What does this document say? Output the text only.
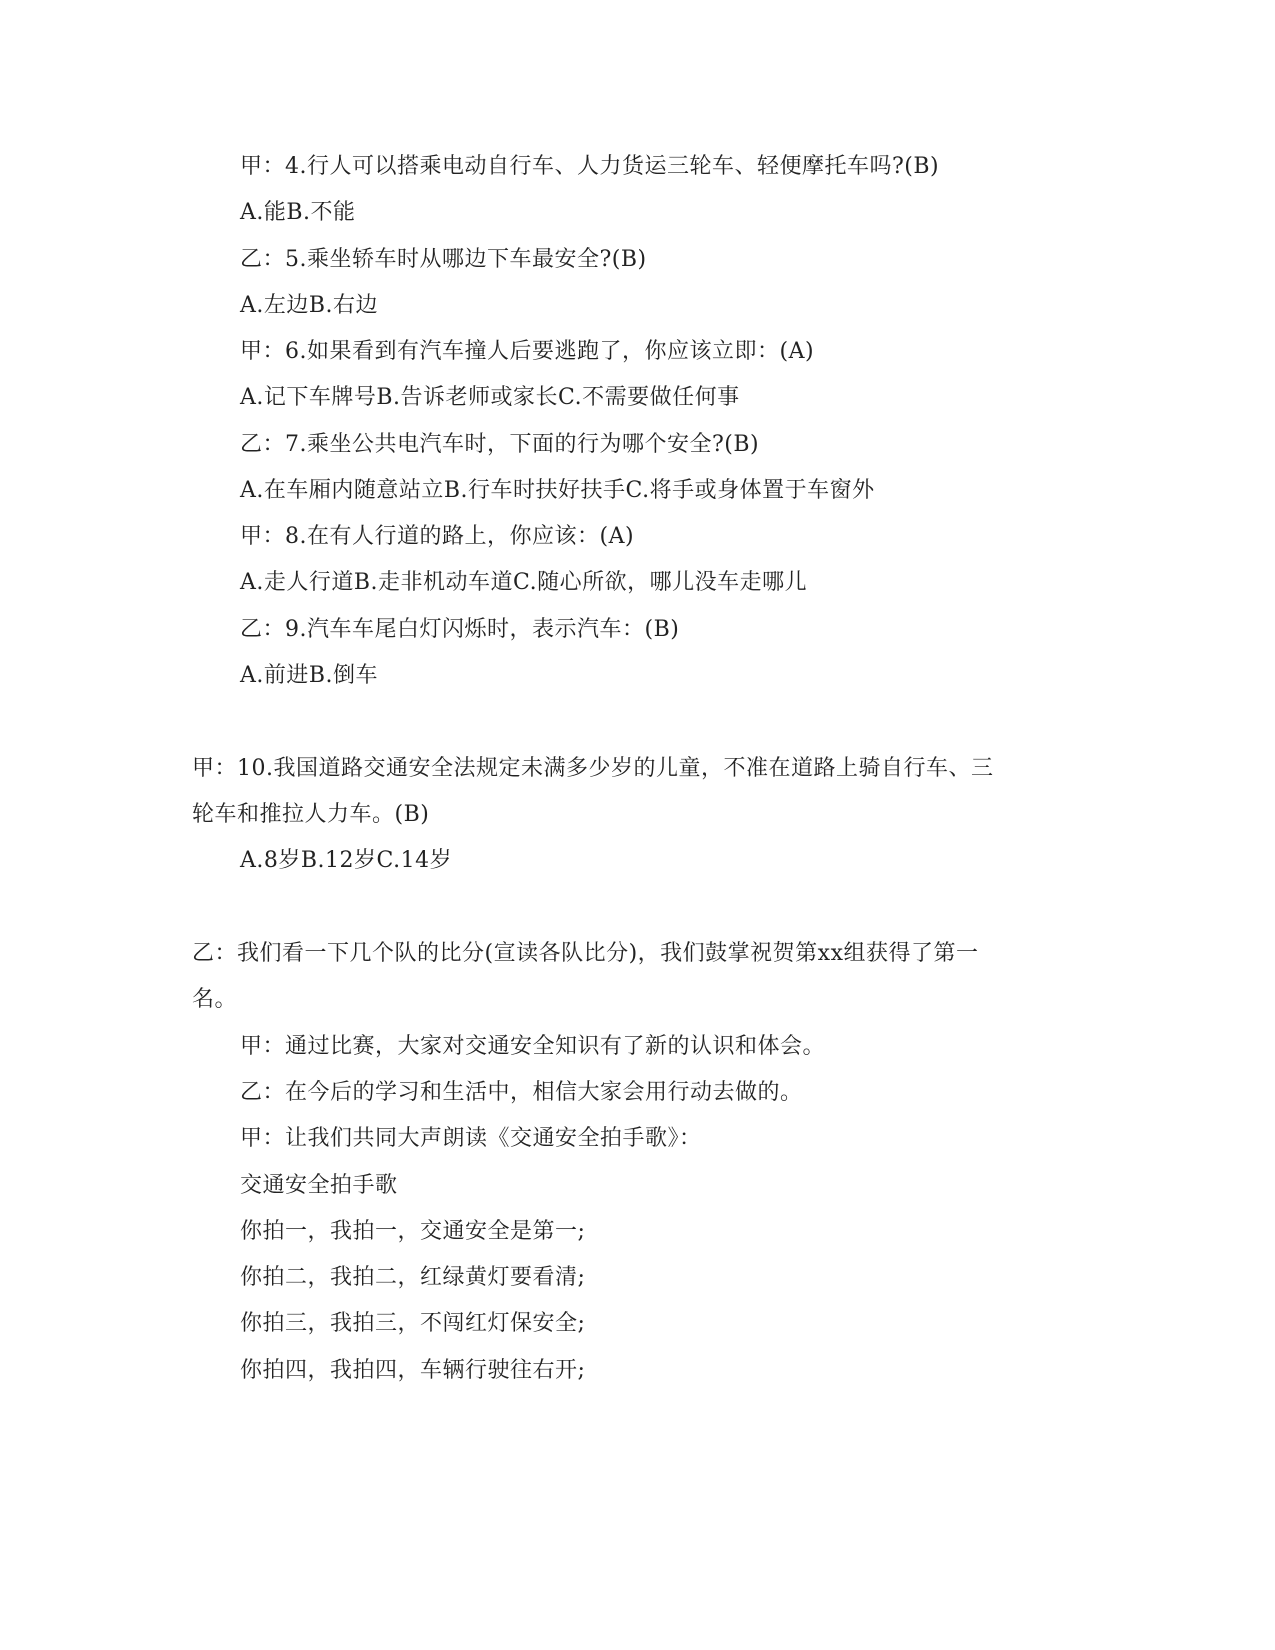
甲：4.行人可以搭乘电动自行车、人力货运三轮车、轻便摩托车吗?(B)
A.能B.不能
乙：5.乘坐轿车时从哪边下车最安全?(B)
A.左边B.右边
甲：6.如果看到有汽车撞人后要逃跑了，你应该立即：(A)
A.记下车牌号B.告诉老师或家长C.不需要做任何事
乙：7.乘坐公共电汽车时，下面的行为哪个安全?(B)
A.在车厢内随意站立B.行车时扶好扶手C.将手或身体置于车窗外
甲：8.在有人行道的路上，你应该：(A)
A.走人行道B.走非机动车道C.随心所欲，哪儿没车走哪儿
乙：9.汽车车尾白灯闪烁时，表示汽车：(B)
A.前进B.倒车
甲：10.我国道路交通安全法规定未满多少岁的儿童，不准在道路上骑自行车、三
轮车和推拉人力车。(B)
A.8岁B.12岁C.14岁
乙：我们看一下几个队的比分(宣读各队比分)，我们鼓掌祝贺第xx组获得了第一
名。
甲：通过比赛，大家对交通安全知识有了新的认识和体会。
乙：在今后的学习和生活中，相信大家会用行动去做的。
甲：让我们共同大声朗读《交通安全拍手歌》：
交通安全拍手歌
你拍一，我拍一，交通安全是第一;
你拍二，我拍二，红绿黄灯要看清;
你拍三，我拍三，不闯红灯保安全;
你拍四，我拍四，车辆行驶往右开;
